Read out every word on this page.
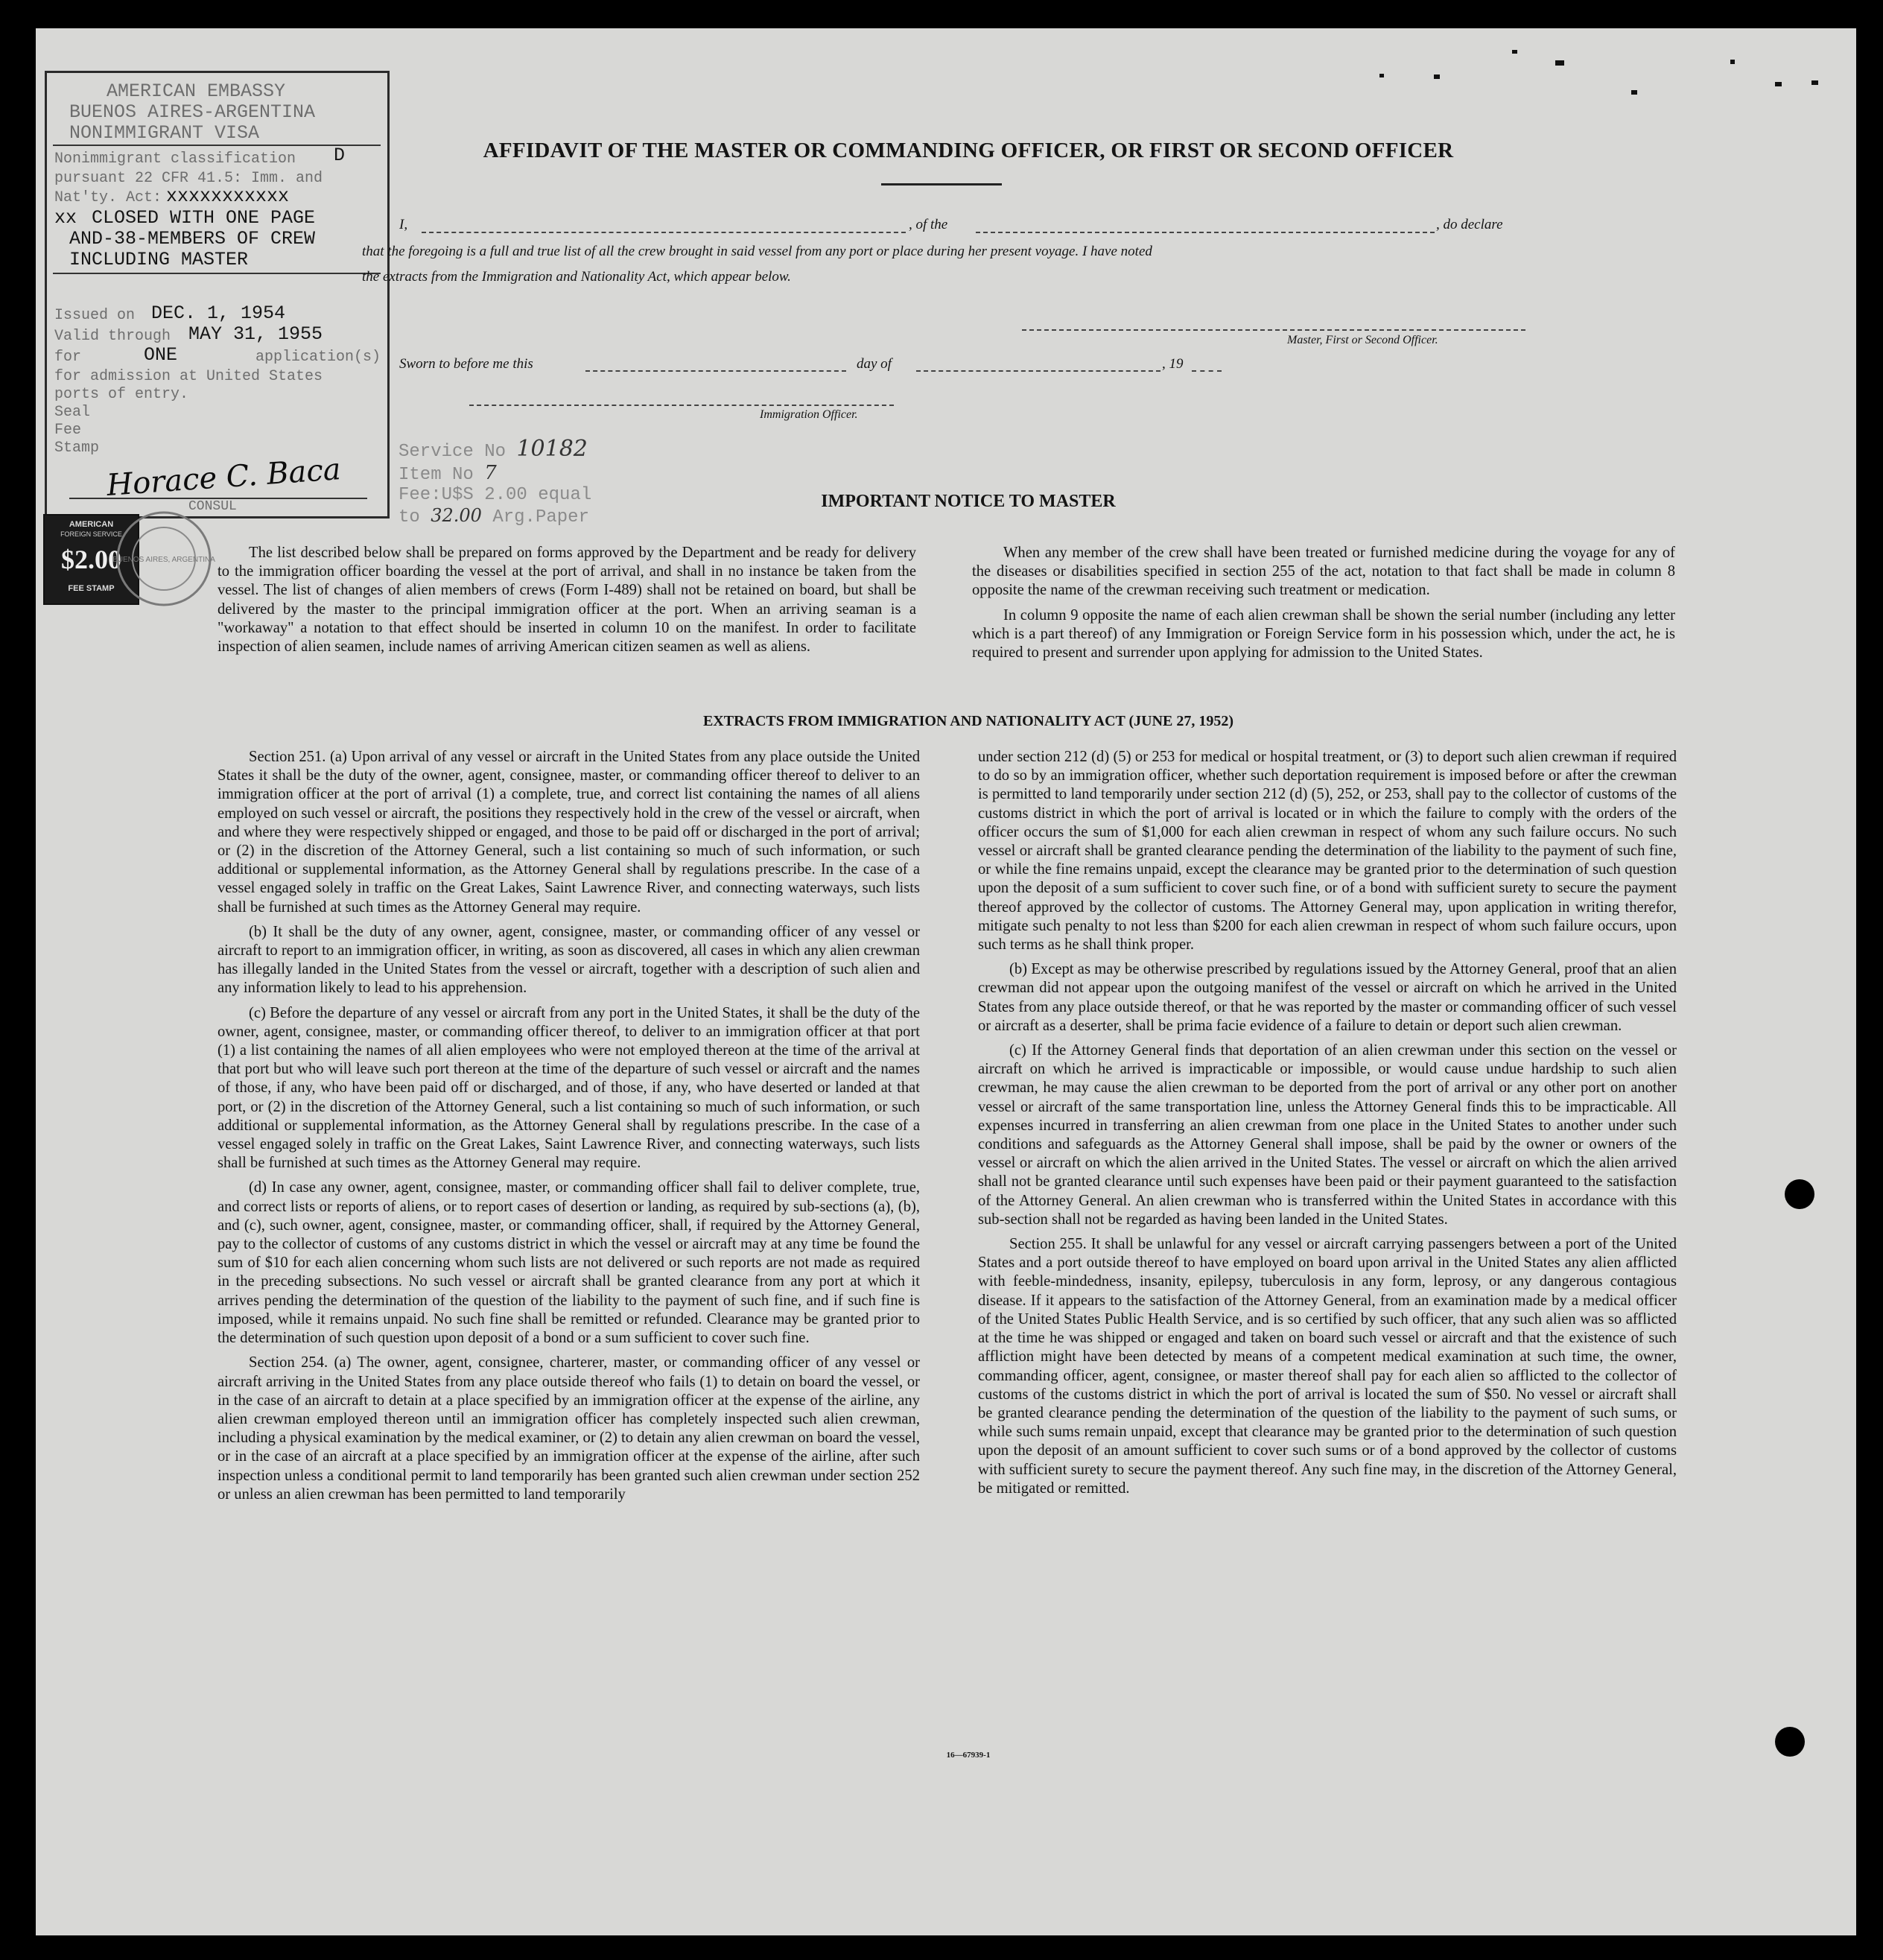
AMERICAN EMBASSY
BUENOS AIRES-ARGENTINA
NONIMMIGRANT VISA
Nonimmigrant classification D
pursuant 22 CFR 41.5: Imm. and
Nat'ty. Act: xxxxxxxxxxx
xx CLOSED WITH ONE PAGE
AND-38-MEMBERS OF CREW
INCLUDING MASTER
Issued on DEC. 1, 1954
Valid through MAY 31, 1955
for	ONE	application(s)
for admission at United States
ports of entry.
Seal
Fee
Stamp
Horace C. Baca
CONSUL
AMERICAN
FOREIGN SERVICE
$2.00
FEE STAMP
BUENOS AIRES, ARGENTINA
Service No 10182
Item No 7
Fee:U$S 2.00 equal
to 32.00 Arg.Paper
AFFIDAVIT OF THE MASTER OR COMMANDING OFFICER, OR FIRST OR SECOND OFFICER
I,	, of the	, do declare
that the foregoing is a full and true list of all the crew brought in said vessel from any port or place during her present voyage. I have noted
the extracts from the Immigration and Nationality Act, which appear below.
Master, First or Second Officer.
Sworn to before me this	day of	, 19
Immigration Officer.
IMPORTANT NOTICE TO MASTER

The list described below shall be prepared on forms approved by the Department and be ready for delivery to the immigration officer boarding the vessel at the port of arrival, and shall in no instance be taken from the vessel. The list of changes of alien members of crews (Form I-489) shall not be retained on board, but shall be delivered by the master to the principal immigration officer at the port. When an arriving seaman is a "workaway" a notation to that effect should be inserted in column 10 on the manifest. In order to facilitate inspection of alien seamen, include names of arriving American citizen seamen as well as aliens.

When any member of the crew shall have been treated or furnished medicine during the voyage for any of the diseases or disabilities specified in section 255 of the act, notation to that fact shall be made in column 8 opposite the name of the crewman receiving such treatment or medication.

In column 9 opposite the name of each alien crewman shall be shown the serial number (including any letter which is a part thereof) of any Immigration or Foreign Service form in his possession which, under the act, he is required to present and surrender upon applying for admission to the United States.

EXTRACTS FROM IMMIGRATION AND NATIONALITY ACT (JUNE 27, 1952)

Section 251. (a) Upon arrival of any vessel or aircraft in the United States from any place outside the United States it shall be the duty of the owner, agent, consignee, master, or commanding officer thereof to deliver to an immigration officer at the port of arrival (1) a complete, true, and correct list containing the names of all aliens employed on such vessel or aircraft, the positions they respectively hold in the crew of the vessel or aircraft, when and where they were respectively shipped or engaged, and those to be paid off or discharged in the port of arrival; or (2) in the discretion of the Attorney General, such a list containing so much of such information, or such additional or supplemental information, as the Attorney General shall by regulations prescribe. In the case of a vessel engaged solely in traffic on the Great Lakes, Saint Lawrence River, and connecting waterways, such lists shall be furnished at such times as the Attorney General may require.

(b) It shall be the duty of any owner, agent, consignee, master, or commanding officer of any vessel or aircraft to report to an immigration officer, in writing, as soon as discovered, all cases in which any alien crewman has illegally landed in the United States from the vessel or aircraft, together with a description of such alien and any information likely to lead to his apprehension.

(c) Before the departure of any vessel or aircraft from any port in the United States, it shall be the duty of the owner, agent, consignee, master, or commanding officer thereof, to deliver to an immigration officer at that port (1) a list containing the names of all alien employees who were not employed thereon at the time of the arrival at that port but who will leave such port thereon at the time of the departure of such vessel or aircraft and the names of those, if any, who have been paid off or discharged, and of those, if any, who have deserted or landed at that port, or (2) in the discretion of the Attorney General, such a list containing so much of such information, or such additional or supplemental information, as the Attorney General shall by regulations prescribe. In the case of a vessel engaged solely in traffic on the Great Lakes, Saint Lawrence River, and connecting waterways, such lists shall be furnished at such times as the Attorney General may require.

(d) In case any owner, agent, consignee, master, or commanding officer shall fail to deliver complete, true, and correct lists or reports of aliens, or to report cases of desertion or landing, as required by sub-sections (a), (b), and (c), such owner, agent, consignee, master, or commanding officer, shall, if required by the Attorney General, pay to the collector of customs of any customs district in which the vessel or aircraft may at any time be found the sum of $10 for each alien concerning whom such lists are not delivered or such reports are not made as required in the preceding subsections. No such vessel or aircraft shall be granted clearance from any port at which it arrives pending the determination of the question of the liability to the payment of such fine, and if such fine is imposed, while it remains unpaid. No such fine shall be remitted or refunded. Clearance may be granted prior to the determination of such question upon deposit of a bond or a sum sufficient to cover such fine.

Section 254. (a) The owner, agent, consignee, charterer, master, or commanding officer of any vessel or aircraft arriving in the United States from any place outside thereof who fails (1) to detain on board the vessel, or in the case of an aircraft to detain at a place specified by an immigration officer at the expense of the airline, any alien crewman employed thereon until an immigration officer has completely inspected such alien crewman, including a physical examination by the medical examiner, or (2) to detain any alien crewman on board the vessel, or in the case of an aircraft at a place specified by an immigration officer at the expense of the airline, after such inspection unless a conditional permit to land temporarily has been granted such alien crewman under section 252 or unless an alien crewman has been permitted to land temporarily

under section 212 (d) (5) or 253 for medical or hospital treatment, or (3) to deport such alien crewman if required to do so by an immigration officer, whether such deportation requirement is imposed before or after the crewman is permitted to land temporarily under section 212 (d) (5), 252, or 253, shall pay to the collector of customs of the customs district in which the port of arrival is located or in which the failure to comply with the orders of the officer occurs the sum of $1,000 for each alien crewman in respect of whom any such failure occurs. No such vessel or aircraft shall be granted clearance pending the determination of the liability to the payment of such fine, or while the fine remains unpaid, except the clearance may be granted prior to the determination of such question upon the deposit of a sum sufficient to cover such fine, or of a bond with sufficient surety to secure the payment thereof approved by the collector of customs. The Attorney General may, upon application in writing therefor, mitigate such penalty to not less than $200 for each alien crewman in respect of whom such failure occurs, upon such terms as he shall think proper.

(b) Except as may be otherwise prescribed by regulations issued by the Attorney General, proof that an alien crewman did not appear upon the outgoing manifest of the vessel or aircraft on which he arrived in the United States from any place outside thereof, or that he was reported by the master or commanding officer of such vessel or aircraft as a deserter, shall be prima facie evidence of a failure to detain or deport such alien crewman.

(c) If the Attorney General finds that deportation of an alien crewman under this section on the vessel or aircraft on which he arrived is impracticable or impossible, or would cause undue hardship to such alien crewman, he may cause the alien crewman to be deported from the port of arrival or any other port on another vessel or aircraft of the same transportation line, unless the Attorney General finds this to be impracticable. All expenses incurred in transferring an alien crewman from one place in the United States to another under such conditions and safeguards as the Attorney General shall impose, shall be paid by the owner or owners of the vessel or aircraft on which the alien arrived in the United States. The vessel or aircraft on which the alien arrived shall not be granted clearance until such expenses have been paid or their payment guaranteed to the satisfaction of the Attorney General. An alien crewman who is transferred within the United States in accordance with this sub-section shall not be regarded as having been landed in the United States.

Section 255. It shall be unlawful for any vessel or aircraft carrying passengers between a port of the United States and a port outside thereof to have employed on board upon arrival in the United States any alien afflicted with feeble-mindedness, insanity, epilepsy, tuberculosis in any form, leprosy, or any dangerous contagious disease. If it appears to the satisfaction of the Attorney General, from an examination made by a medical officer of the United States Public Health Service, and is so certified by such officer, that any such alien was so afflicted at the time he was shipped or engaged and taken on board such vessel or aircraft and that the existence of such affliction might have been detected by means of a competent medical examination at such time, the owner, commanding officer, agent, consignee, or master thereof shall pay for each alien so afflicted to the collector of customs of the customs district in which the port of arrival is located the sum of $50. No vessel or aircraft shall be granted clearance pending the determination of the question of the liability to the payment of such sums, or while such sums remain unpaid, except that clearance may be granted prior to the determination of such question upon the deposit of an amount sufficient to cover such sums or of a bond approved by the collector of customs with sufficient surety to secure the payment thereof. Any such fine may, in the discretion of the Attorney General, be mitigated or remitted.

16—67939-1
